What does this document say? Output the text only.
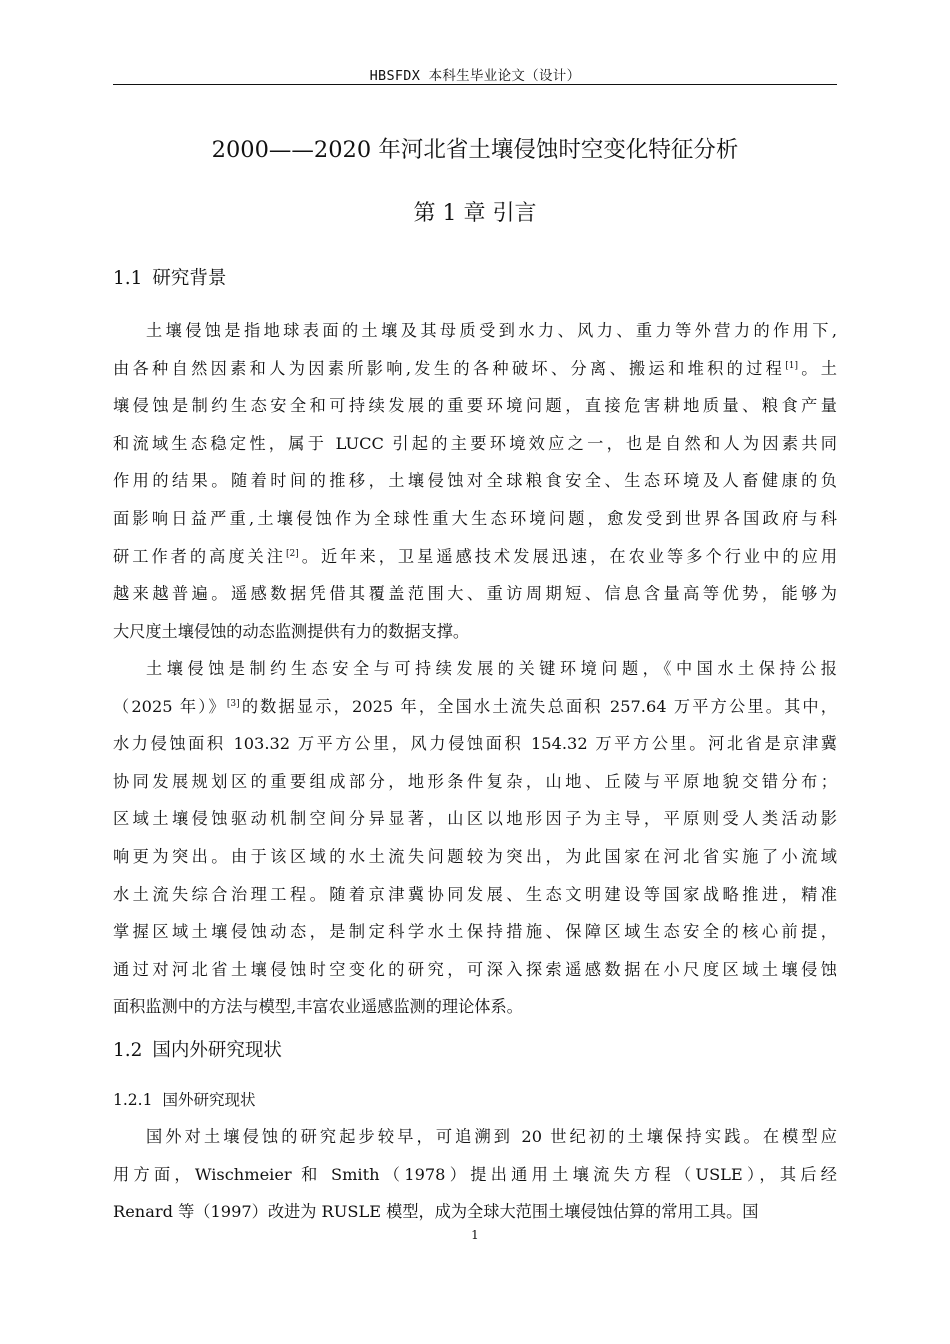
HBSFDX 本科生毕业论文（设计）
2000——2020 年河北省土壤侵蚀时空变化特征分析
第 1 章 引言
1.1 研究背景
土壤侵蚀是指地球表面的土壤及其母质受到水力、风力、重力等外营力的作用下,
由各种自然因素和人为因素所影响,发生的各种破坏、分离、搬运和堆积的过程[1]。土
壤侵蚀是制约生态安全和可持续发展的重要环境问题，直接危害耕地质量、粮食产量
和流域生态稳定性，属于 LUCC 引起的主要环境效应之一，也是自然和人为因素共同
作用的结果。随着时间的推移，土壤侵蚀对全球粮食安全、生态环境及人畜健康的负
面影响日益严重,土壤侵蚀作为全球性重大生态环境问题，愈发受到世界各国政府与科
研工作者的高度关注[2]。近年来，卫星遥感技术发展迅速，在农业等多个行业中的应用
越来越普遍。遥感数据凭借其覆盖范围大、重访周期短、信息含量高等优势，能够为
大尺度土壤侵蚀的动态监测提供有力的数据支撑。
土壤侵蚀是制约生态安全与可持续发展的关键环境问题，《中国水土保持公报
（2025 年）》[3]的数据显示，2025 年，全国水土流失总面积 257.64 万平方公里。其中，
水力侵蚀面积 103.32 万平方公里，风力侵蚀面积 154.32 万平方公里。河北省是京津冀
协同发展规划区的重要组成部分，地形条件复杂，山地、丘陵与平原地貌交错分布；
区域土壤侵蚀驱动机制空间分异显著，山区以地形因子为主导，平原则受人类活动影
响更为突出。由于该区域的水土流失问题较为突出，为此国家在河北省实施了小流域
水土流失综合治理工程。随着京津冀协同发展、生态文明建设等国家战略推进，精准
掌握区域土壤侵蚀动态，是制定科学水土保持措施、保障区域生态安全的核心前提，
通过对河北省土壤侵蚀时空变化的研究，可深入探索遥感数据在小尺度区域土壤侵蚀
面积监测中的方法与模型,丰富农业遥感监测的理论体系。
1.2 国内外研究现状
1.2.1 国外研究现状
国外对土壤侵蚀的研究起步较早，可追溯到 20 世纪初的土壤保持实践。在模型应
用方面，Wischmeier 和 Smith（1978）提出通用土壤流失方程（USLE），其后经
Renard 等（1997）改进为 RUSLE 模型，成为全球大范围土壤侵蚀估算的常用工具。国
1
